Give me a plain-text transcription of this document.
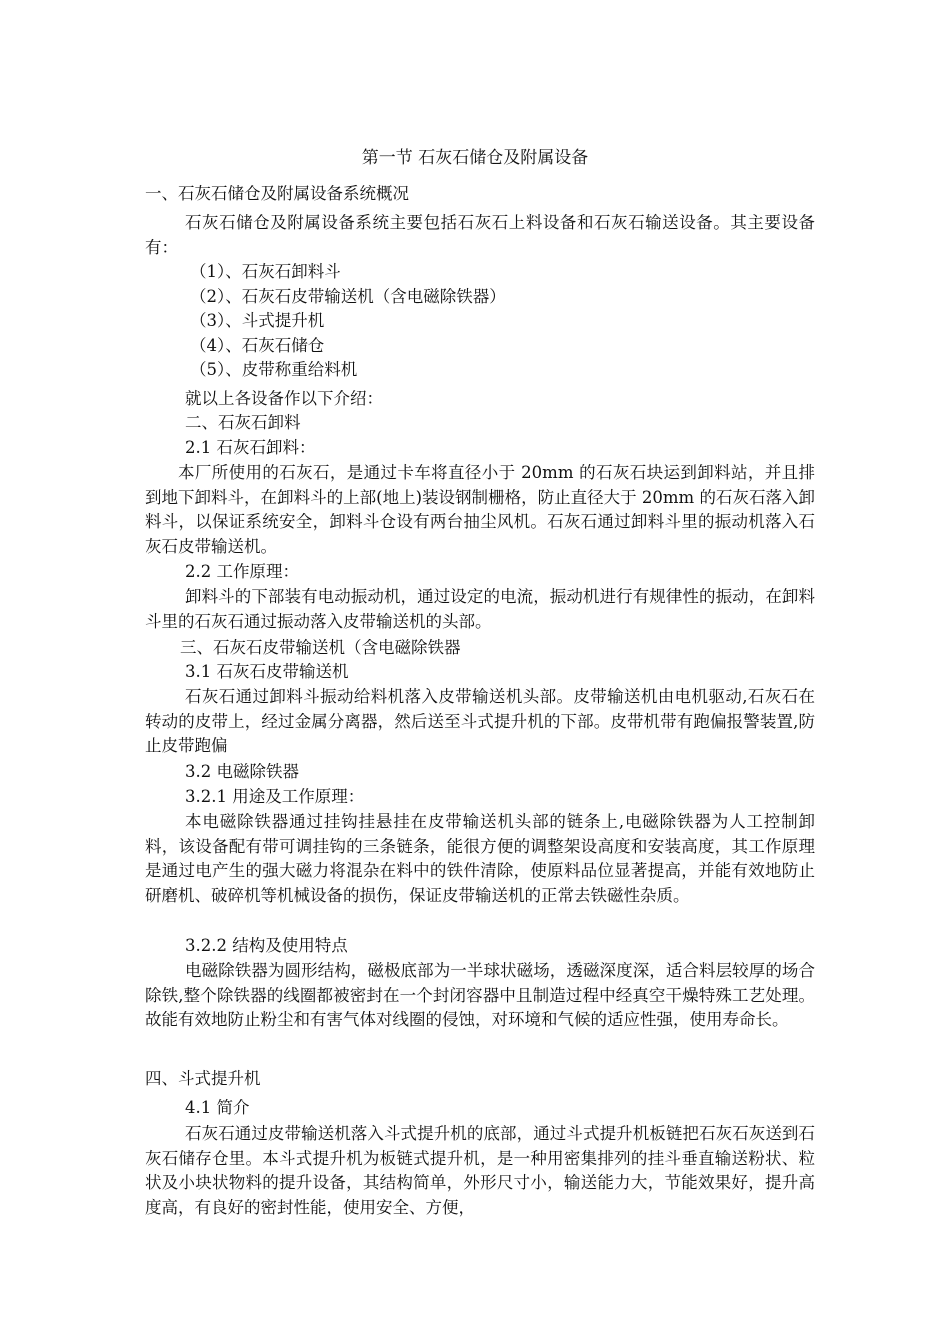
第一节 石灰石储仓及附属设备
一、石灰石储仓及附属设备系统概况
石灰石储仓及附属设备系统主要包括石灰石上料设备和石灰石输送设备。其主要设备有：
（1）、石灰石卸料斗
（2）、石灰石皮带输送机（含电磁除铁器）
（3）、斗式提升机
（4）、石灰石储仓
（5）、皮带称重给料机
就以上各设备作以下介绍：
二、石灰石卸料
2.1 石灰石卸料：
本厂所使用的石灰石，是通过卡车将直径小于 20mm 的石灰石块运到卸料站，并且排到地下卸料斗，在卸料斗的上部(地上)装设钢制栅格，防止直径大于 20mm 的石灰石落入卸料斗，以保证系统安全，卸料斗仓设有两台抽尘风机。石灰石通过卸料斗里的振动机落入石灰石皮带输送机。
2.2 工作原理：
卸料斗的下部装有电动振动机，通过设定的电流，振动机进行有规律性的振动，在卸料斗里的石灰石通过振动落入皮带输送机的头部。
三、石灰石皮带输送机（含电磁除铁器
3.1 石灰石皮带输送机
石灰石通过卸料斗振动给料机落入皮带输送机头部。皮带输送机由电机驱动,石灰石在转动的皮带上，经过金属分离器，然后送至斗式提升机的下部。皮带机带有跑偏报警装置,防止皮带跑偏
3.2 电磁除铁器
3.2.1 用途及工作原理：
本电磁除铁器通过挂钩挂悬挂在皮带输送机头部的链条上,电磁除铁器为人工控制卸料，该设备配有带可调挂钩的三条链条，能很方便的调整架设高度和安装高度，其工作原理是通过电产生的强大磁力将混杂在料中的铁件清除，使原料品位显著提高，并能有效地防止研磨机、破碎机等机械设备的损伤，保证皮带输送机的正常去铁磁性杂质。
3.2.2 结构及使用特点
电磁除铁器为圆形结构，磁极底部为一半球状磁场，透磁深度深，适合料层较厚的场合除铁,整个除铁器的线圈都被密封在一个封闭容器中且制造过程中经真空干燥特殊工艺处理。故能有效地防止粉尘和有害气体对线圈的侵蚀，对环境和气候的适应性强，使用寿命长。
四、斗式提升机
4.1 简介
石灰石通过皮带输送机落入斗式提升机的底部，通过斗式提升机板链把石灰石灰送到石灰石储存仓里。本斗式提升机为板链式提升机，是一种用密集排列的挂斗垂直输送粉状、粒状及小块状物料的提升设备，其结构简单，外形尺寸小，输送能力大，节能效果好，提升高度高，有良好的密封性能，使用安全、方便，
